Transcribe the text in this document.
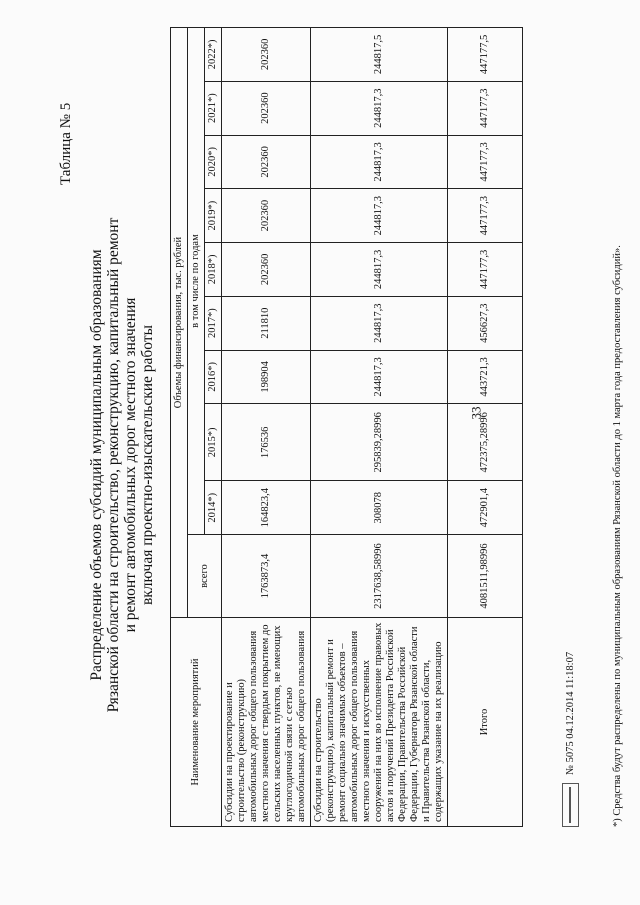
33
Таблица № 5
Распределение объемов субсидий муниципальным образованиям Рязанской области на строительство, реконструкцию, капитальный ремонт и ремонт автомобильных дорог местного значения включая проектно-изыскательские работы
Наименование мероприятий	Объемы финансирования, тыс. рублей									
	всего	в том числе по годам								
		2014*)	2015*)	2016*)	2017*)	2018*)	2019*)	2020*)	2021*)	2022*)
Субсидии на проектирование и строительство (реконструкцию) автомобильных дорог общего пользования местного значения с твердым покрытием до сельских населенных пунктов, не имеющих круглогодичной связи с сетью автомобильных дорог общего пользования	1763873,4	164823,4	176536	198904	211810	202360	202360	202360	202360	202360
Субсидии на строительство (реконструкцию), капитальный ремонт и ремонт социально значимых объектов – автомобильных дорог общего пользования местного значения и искусственных сооружений на них во исполнение правовых актов и поручений Президента Российской Федерации, Правительства Российской Федерации, Губернатора Рязанской области и Правительства Рязанской области, содержащих указание на их реализацию	2317638,58996	308078	295839,28996	244817,3	244817,3	244817,3	244817,3	244817,3	244817,3	244817,5
Итого	4081511,98996	472901,4	472375,28996	443721,3	456627,3	447177,3	447177,3	447177,3	447177,3	447177,5
*) Средства будут распределены по муниципальным образованиям Рязанской области до 1 марта года предоставления субсидий».
№ 5075 04.12.2014 11:18:07
